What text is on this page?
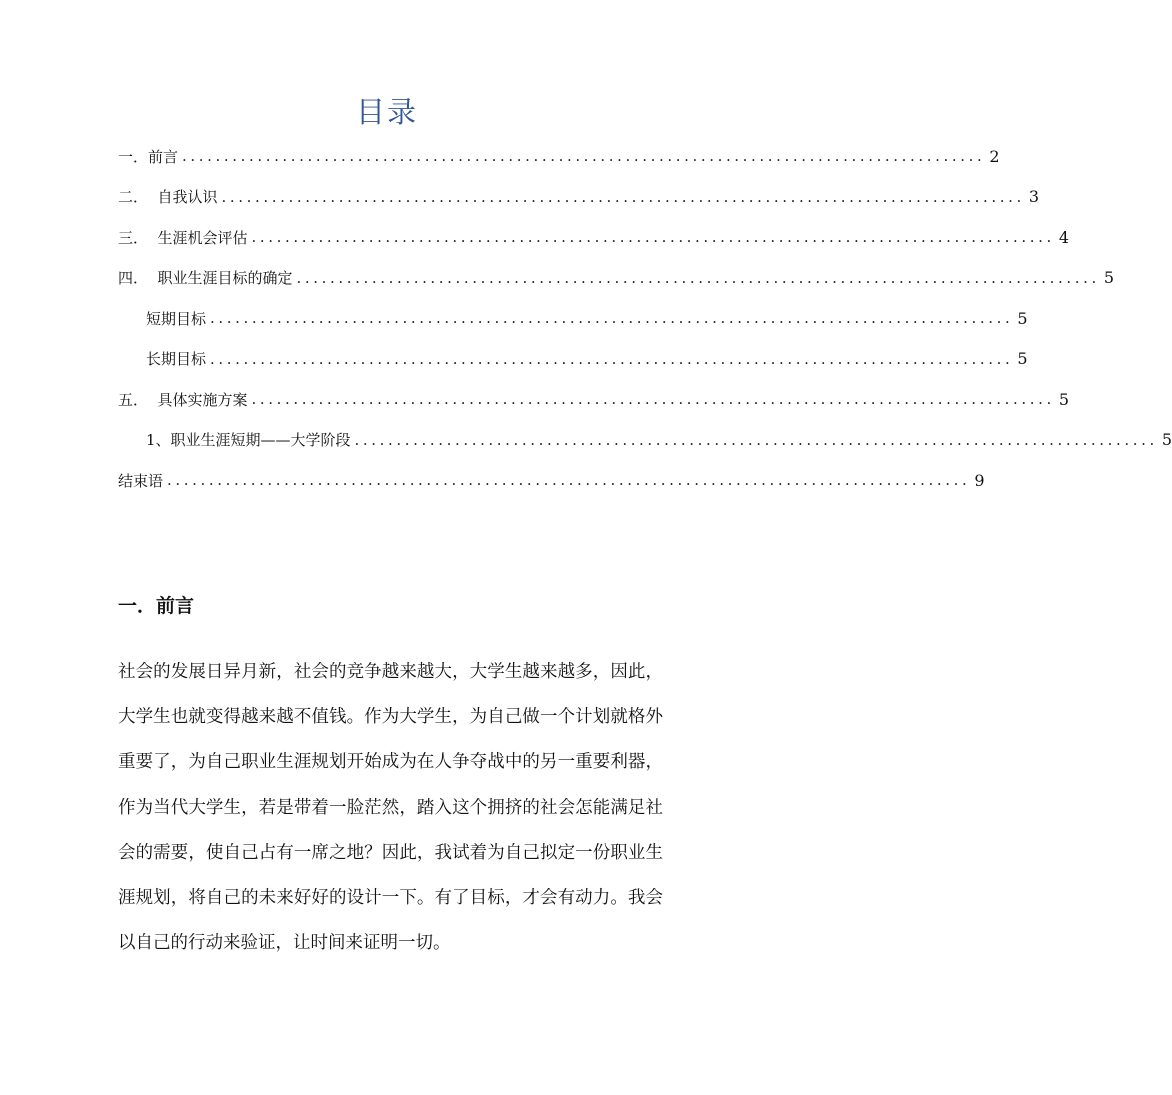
目录
一．前言 ................................................................................................ 2
二．  自我认识 ................................................................................................ 3
三．  生涯机会评估 ................................................................................................ 4
四．  职业生涯目标的确定 ................................................................................................ 5
短期目标 ................................................................................................ 5
长期目标 ................................................................................................ 5
五．  具体实施方案 ................................................................................................ 5
1、职业生涯短期——大学阶段 ................................................................................................ 5
结束语 ................................................................................................ 9
一．前言

社会的发展日异月新，社会的竞争越来越大，大学生越来越多，因此，大学生也就变得越来越不值钱。作为大学生，为自己做一个计划就格外重要了，为自己职业生涯规划开始成为在人争夺战中的另一重要利器，作为当代大学生，若是带着一脸茫然，踏入这个拥挤的社会怎能满足社会的需要，使自己占有一席之地？因此，我试着为自己拟定一份职业生涯规划，将自己的未来好好的设计一下。有了目标，才会有动力。我会以自己的行动来验证，让时间来证明一切。
